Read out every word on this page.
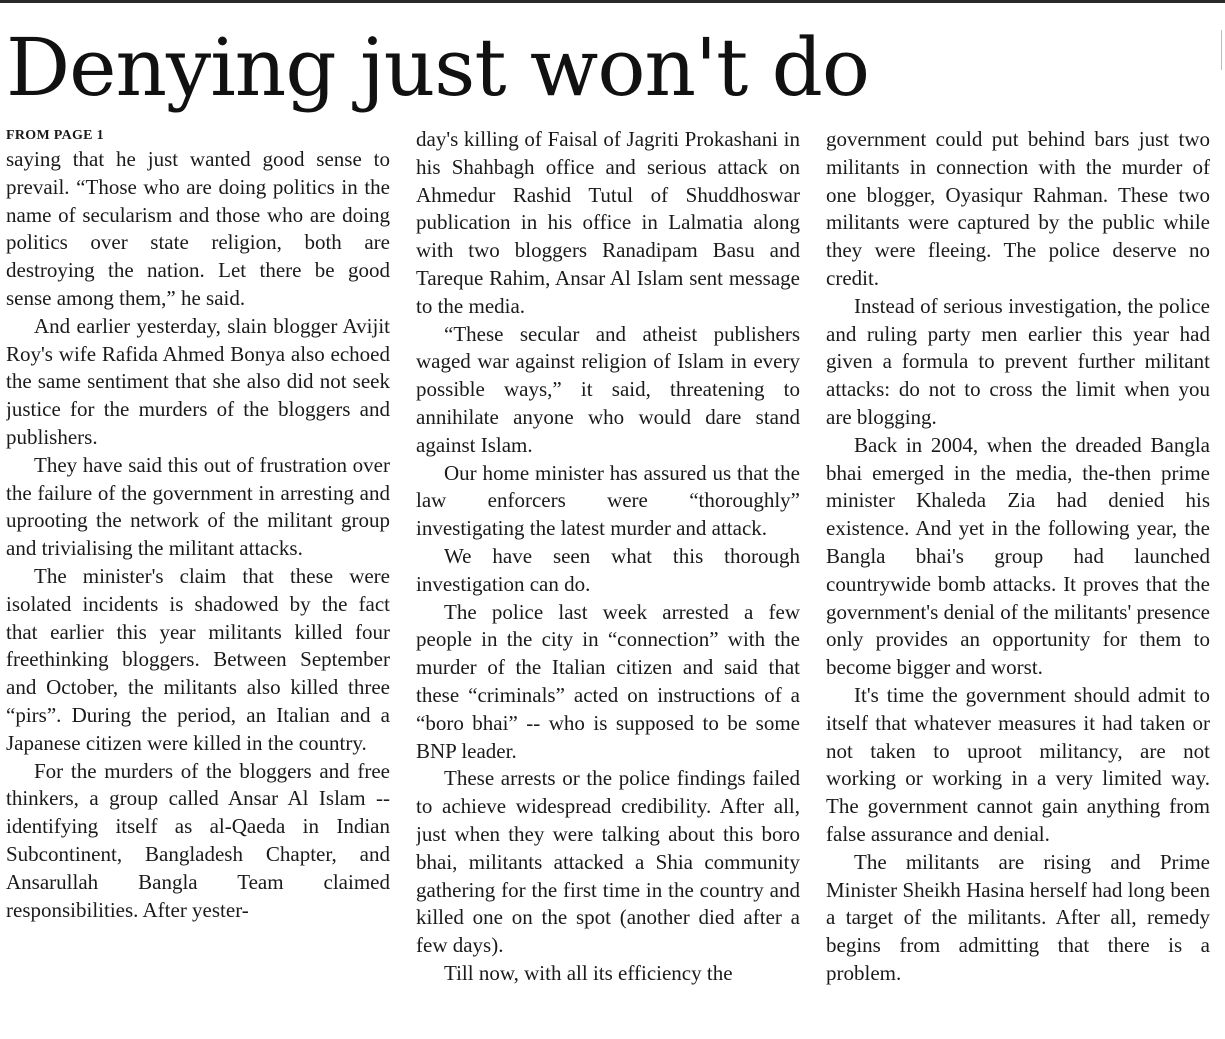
Denying just won't do
FROM PAGE 1

saying that he just wanted good sense to prevail. “Those who are doing politics in the name of secularism and those who are doing politics over state religion, both are destroying the nation. Let there be good sense among them,” he said.

And earlier yesterday, slain blogger Avijit Roy's wife Rafida Ahmed Bonya also echoed the same sentiment that she also did not seek justice for the murders of the bloggers and publishers.

They have said this out of frustration over the failure of the government in arresting and uprooting the network of the militant group and trivialising the militant attacks.

The minister's claim that these were isolated incidents is shadowed by the fact that earlier this year militants killed four freethinking bloggers. Between September and October, the militants also killed three “pirs”. During the period, an Italian and a Japanese citizen were killed in the country.

For the murders of the bloggers and free thinkers, a group called Ansar Al Islam -- identifying itself as al-Qaeda in Indian Subcontinent, Bangladesh Chapter, and Ansarullah Bangla Team claimed responsibilities. After yester-

day's killing of Faisal of Jagriti Prokashani in his Shahbagh office and serious attack on Ahmedur Rashid Tutul of Shuddhoswar publication in his office in Lalmatia along with two bloggers Ranadipam Basu and Tareque Rahim, Ansar Al Islam sent message to the media.

“These secular and atheist publishers waged war against religion of Islam in every possible ways,” it said, threatening to annihilate anyone who would dare stand against Islam.

Our home minister has assured us that the law enforcers were “thoroughly” investigating the latest murder and attack.

We have seen what this thorough investigation can do.

The police last week arrested a few people in the city in “connection” with the murder of the Italian citizen and said that these “criminals” acted on instructions of a “boro bhai” -- who is supposed to be some BNP leader.

These arrests or the police findings failed to achieve widespread credibility. After all, just when they were talking about this boro bhai, militants attacked a Shia community gathering for the first time in the country and killed one on the spot (another died after a few days).

Till now, with all its efficiency the

government could put behind bars just two militants in connection with the murder of one blogger, Oyasiqur Rahman. These two militants were captured by the public while they were fleeing. The police deserve no credit.

Instead of serious investigation, the police and ruling party men earlier this year had given a formula to prevent further militant attacks: do not to cross the limit when you are blogging.

Back in 2004, when the dreaded Bangla bhai emerged in the media, the-then prime minister Khaleda Zia had denied his existence. And yet in the following year, the Bangla bhai's group had launched countrywide bomb attacks. It proves that the government's denial of the militants' presence only provides an opportunity for them to become bigger and worst.

It's time the government should admit to itself that whatever measures it had taken or not taken to uproot militancy, are not working or working in a very limited way. The government cannot gain anything from false assurance and denial.

The militants are rising and Prime Minister Sheikh Hasina herself had long been a target of the militants. After all, remedy begins from admitting that there is a problem.
